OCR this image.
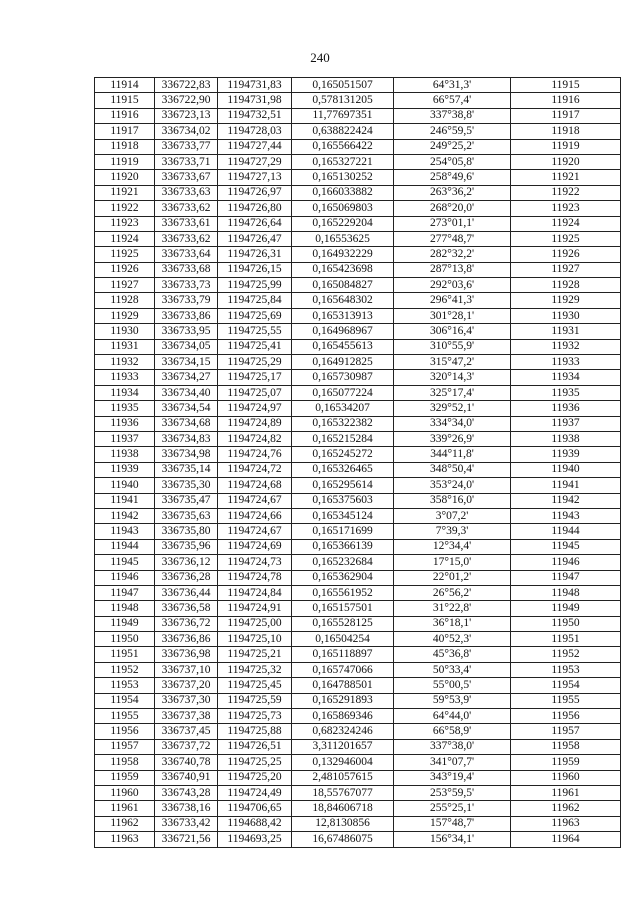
240
11914	336722,83	1194731,83	0,165051507	64°31,3'	11915
11915	336722,90	1194731,98	0,578131205	66°57,4'	11916
11916	336723,13	1194732,51	11,77697351	337°38,8'	11917
11917	336734,02	1194728,03	0,638822424	246°59,5'	11918
11918	336733,77	1194727,44	0,165566422	249°25,2'	11919
11919	336733,71	1194727,29	0,165327221	254°05,8'	11920
11920	336733,67	1194727,13	0,165130252	258°49,6'	11921
11921	336733,63	1194726,97	0,166033882	263°36,2'	11922
11922	336733,62	1194726,80	0,165069803	268°20,0'	11923
11923	336733,61	1194726,64	0,165229204	273°01,1'	11924
11924	336733,62	1194726,47	0,16553625	277°48,7'	11925
11925	336733,64	1194726,31	0,164932229	282°32,2'	11926
11926	336733,68	1194726,15	0,165423698	287°13,8'	11927
11927	336733,73	1194725,99	0,165084827	292°03,6'	11928
11928	336733,79	1194725,84	0,165648302	296°41,3'	11929
11929	336733,86	1194725,69	0,165313913	301°28,1'	11930
11930	336733,95	1194725,55	0,164968967	306°16,4'	11931
11931	336734,05	1194725,41	0,165455613	310°55,9'	11932
11932	336734,15	1194725,29	0,164912825	315°47,2'	11933
11933	336734,27	1194725,17	0,165730987	320°14,3'	11934
11934	336734,40	1194725,07	0,165077224	325°17,4'	11935
11935	336734,54	1194724,97	0,16534207	329°52,1'	11936
11936	336734,68	1194724,89	0,165322382	334°34,0'	11937
11937	336734,83	1194724,82	0,165215284	339°26,9'	11938
11938	336734,98	1194724,76	0,165245272	344°11,8'	11939
11939	336735,14	1194724,72	0,165326465	348°50,4'	11940
11940	336735,30	1194724,68	0,165295614	353°24,0'	11941
11941	336735,47	1194724,67	0,165375603	358°16,0'	11942
11942	336735,63	1194724,66	0,165345124	3°07,2'	11943
11943	336735,80	1194724,67	0,165171699	7°39,3'	11944
11944	336735,96	1194724,69	0,165366139	12°34,4'	11945
11945	336736,12	1194724,73	0,165232684	17°15,0'	11946
11946	336736,28	1194724,78	0,165362904	22°01,2'	11947
11947	336736,44	1194724,84	0,165561952	26°56,2'	11948
11948	336736,58	1194724,91	0,165157501	31°22,8'	11949
11949	336736,72	1194725,00	0,165528125	36°18,1'	11950
11950	336736,86	1194725,10	0,16504254	40°52,3'	11951
11951	336736,98	1194725,21	0,165118897	45°36,8'	11952
11952	336737,10	1194725,32	0,165747066	50°33,4'	11953
11953	336737,20	1194725,45	0,164788501	55°00,5'	11954
11954	336737,30	1194725,59	0,165291893	59°53,9'	11955
11955	336737,38	1194725,73	0,165869346	64°44,0'	11956
11956	336737,45	1194725,88	0,682324246	66°58,9'	11957
11957	336737,72	1194726,51	3,311201657	337°38,0'	11958
11958	336740,78	1194725,25	0,132946004	341°07,7'	11959
11959	336740,91	1194725,20	2,481057615	343°19,4'	11960
11960	336743,28	1194724,49	18,55767077	253°59,5'	11961
11961	336738,16	1194706,65	18,84606718	255°25,1'	11962
11962	336733,42	1194688,42	12,8130856	157°48,7'	11963
11963	336721,56	1194693,25	16,67486075	156°34,1'	11964
